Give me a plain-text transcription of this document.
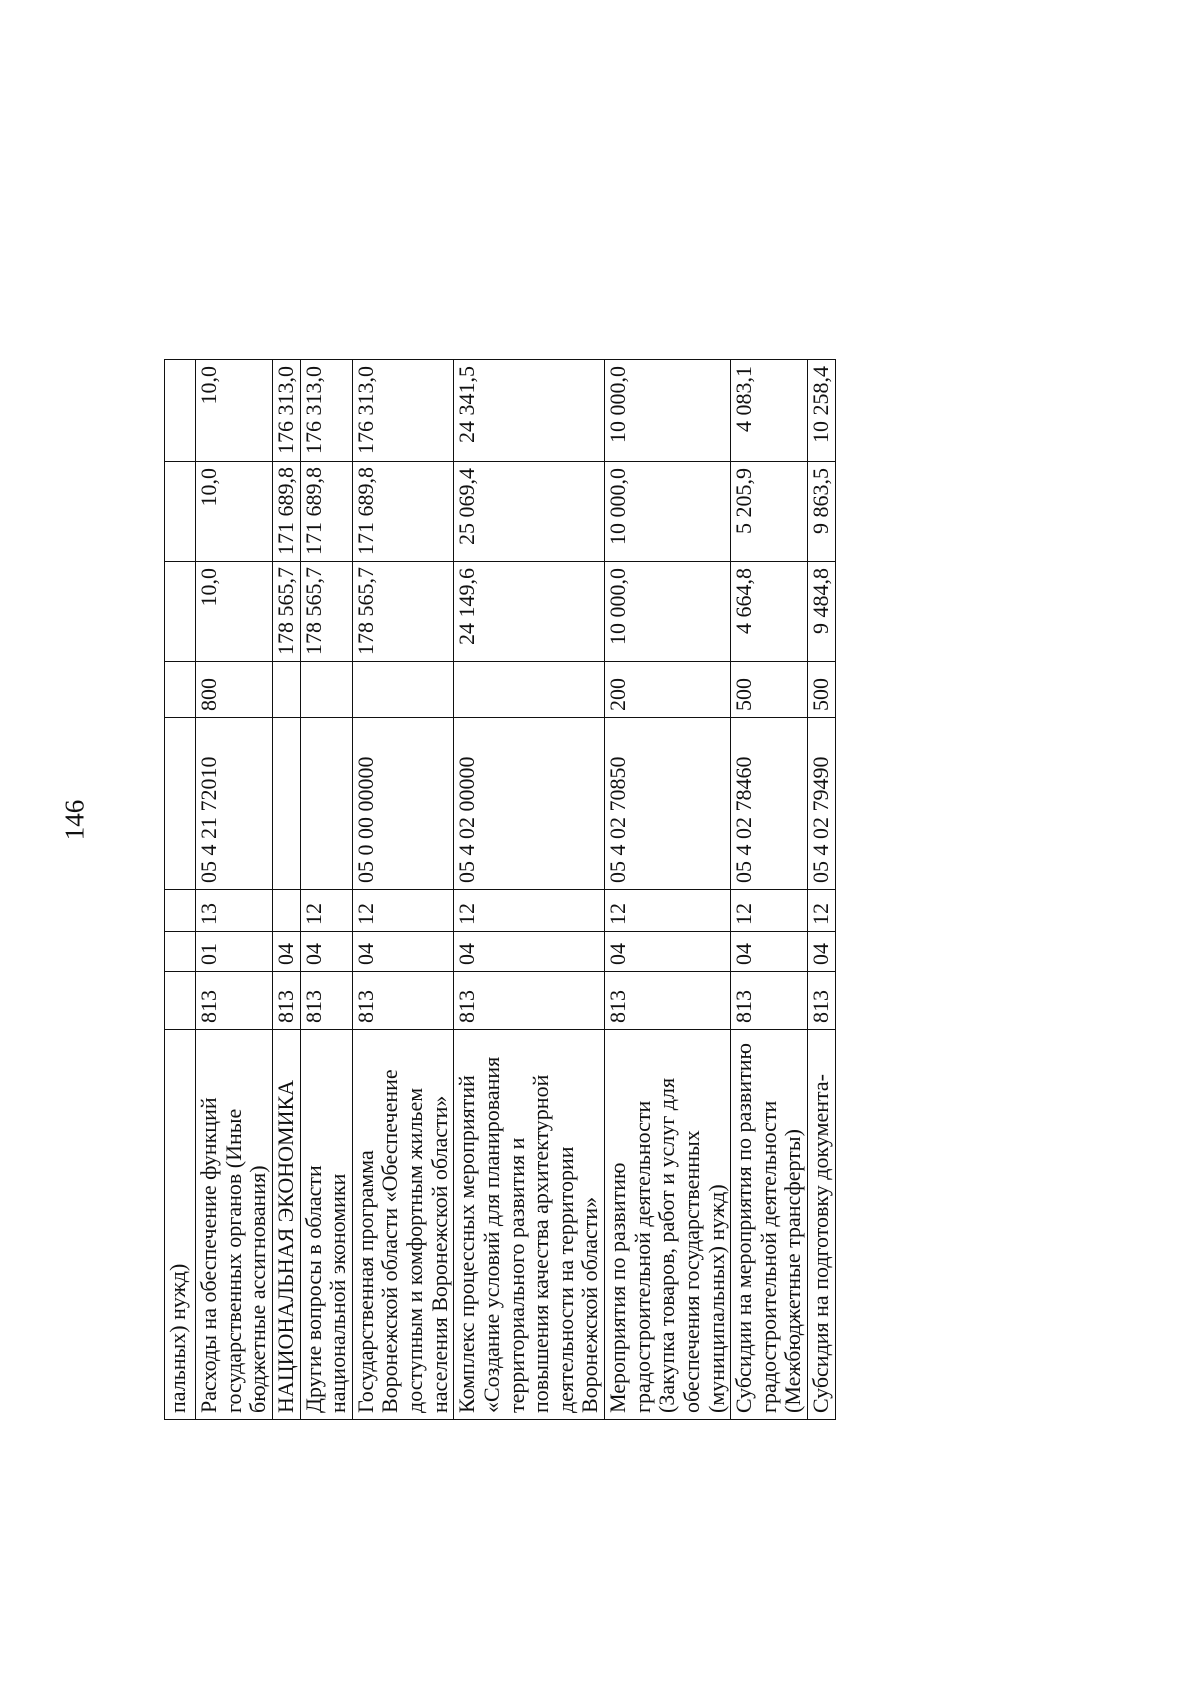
146
пальных) нужд)								
Расходы на обеспечение функций государственных органов (Иные бюджетные ассигнования)	813	01	13	05 4 21 72010	800	10,0	10,0	10,0
НАЦИОНАЛЬНАЯ ЭКОНОМИКА	813	04				178 565,7	171 689,8	176 313,0
Другие вопросы в области национальной экономики	813	04	12			178 565,7	171 689,8	176 313,0
Государственная программа Воронежской области «Обеспечение доступным и комфортным жильем населения Воронежской области»	813	04	12	05 0 00 00000		178 565,7	171 689,8	176 313,0
Комплекс процессных мероприятий «Создание условий для планирования территориального развития и повышения качества архитектурной деятельности на территории Воронежской области»	813	04	12	05 4 02 00000		24 149,6	25 069,4	24 341,5
Мероприятия по развитию градостроительной деятельности (Закупка товаров, работ и услуг для обеспечения государственных (муниципальных) нужд)	813	04	12	05 4 02 70850	200	10 000,0	10 000,0	10 000,0
Субсидии на мероприятия по развитию градостроительной деятельности (Межбюджетные трансферты)	813	04	12	05 4 02 78460	500	4 664,8	5 205,9	4 083,1
Субсидия на подготовку документа-	813	04	12	05 4 02 79490	500	9 484,8	9 863,5	10 258,4
